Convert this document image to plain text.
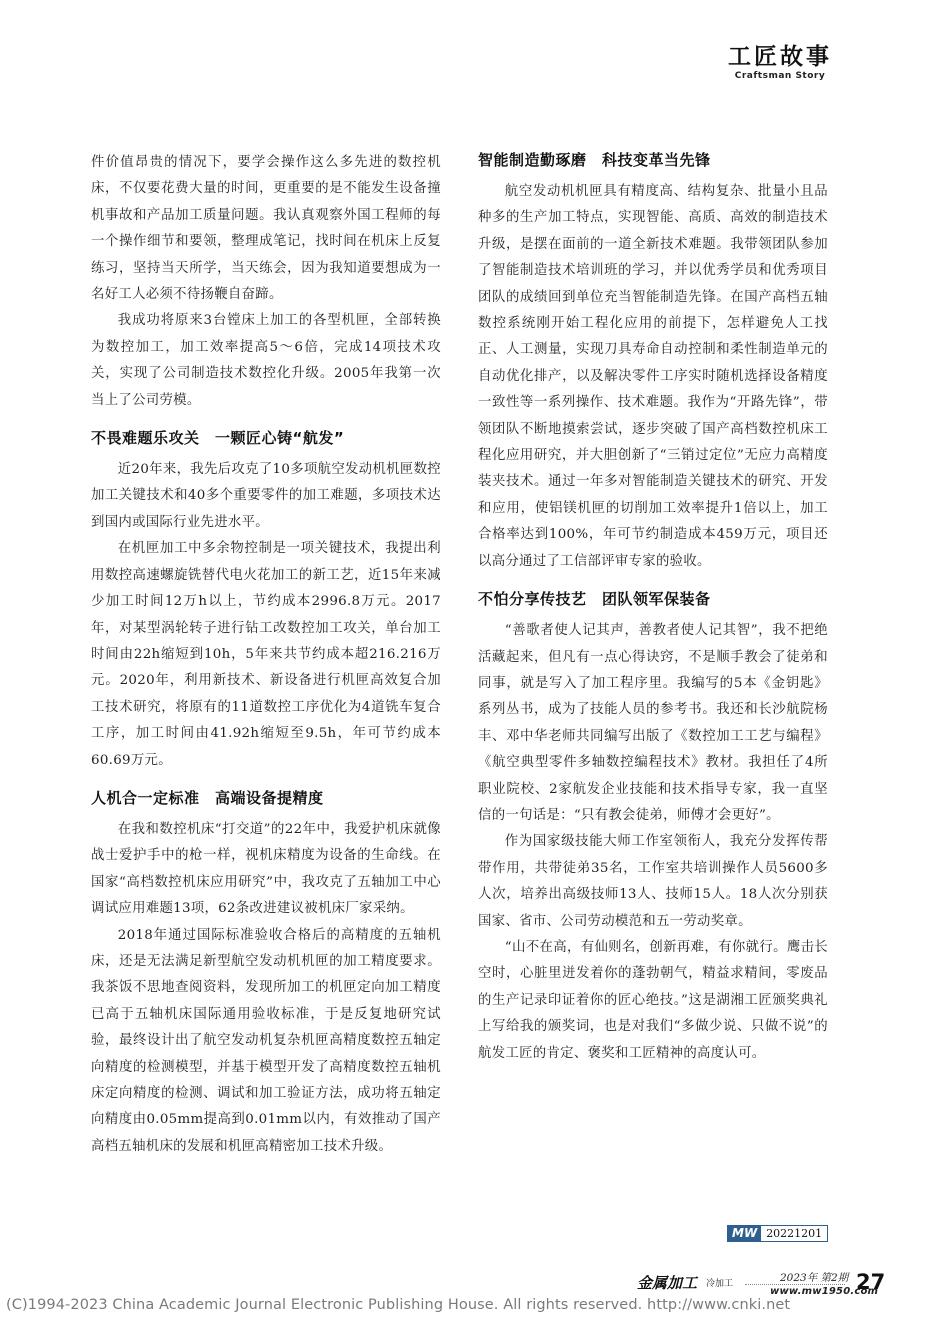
工匠故事
Craftsman Story

件价值昂贵的情况下，要学会操作这么多先进的数控机床，不仅要花费大量的时间，更重要的是不能发生设备撞机事故和产品加工质量问题。我认真观察外国工程师的每一个操作细节和要领，整理成笔记，找时间在机床上反复练习，坚持当天所学，当天练会，因为我知道要想成为一名好工人必须不待扬鞭自奋蹄。

我成功将原来3台镗床上加工的各型机匣，全部转换为数控加工，加工效率提高5～6倍，完成14项技术攻关，实现了公司制造技术数控化升级。2005年我第一次当上了公司劳模。

不畏难题乐攻关　一颗匠心铸“航发”

近20年来，我先后攻克了10多项航空发动机机匣数控加工关键技术和40多个重要零件的加工难题，多项技术达到国内或国际行业先进水平。

在机匣加工中多余物控制是一项关键技术，我提出利用数控高速螺旋铣替代电火花加工的新工艺，近15年来减少加工时间12万h以上，节约成本2996.8万元。2017年，对某型涡轮转子进行钻工改数控加工攻关，单台加工时间由22h缩短到10h，5年来共节约成本超216.216万元。2020年，利用新技术、新设备进行机匣高效复合加工技术研究，将原有的11道数控工序优化为4道铣车复合工序，加工时间由41.92h缩短至9.5h，年可节约成本60.69万元。

人机合一定标准　高端设备提精度

在我和数控机床“打交道”的22年中，我爱护机床就像战士爱护手中的枪一样，视机床精度为设备的生命线。在国家“高档数控机床应用研究”中，我攻克了五轴加工中心调试应用难题13项，62条改进建议被机床厂家采纳。

2018年通过国际标准验收合格后的高精度的五轴机床，还是无法满足新型航空发动机机匣的加工精度要求。我茶饭不思地查阅资料，发现所加工的机匣定向加工精度已高于五轴机床国际通用验收标准，于是反复地研究试验，最终设计出了航空发动机复杂机匣高精度数控五轴定向精度的检测模型，并基于模型开发了高精度数控五轴机床定向精度的检测、调试和加工验证方法，成功将五轴定向精度由0.05mm提高到0.01mm以内，有效推动了国产高档五轴机床的发展和机匣高精密加工技术升级。

智能制造勤琢磨　科技变革当先锋

航空发动机机匣具有精度高、结构复杂、批量小且品种多的生产加工特点，实现智能、高质、高效的制造技术升级，是摆在面前的一道全新技术难题。我带领团队参加了智能制造技术培训班的学习，并以优秀学员和优秀项目团队的成绩回到单位充当智能制造先锋。在国产高档五轴数控系统刚开始工程化应用的前提下，怎样避免人工找正、人工测量，实现刀具寿命自动控制和柔性制造单元的自动优化排产，以及解决零件工序实时随机选择设备精度一致性等一系列操作、技术难题。我作为“开路先锋”，带领团队不断地摸索尝试，逐步突破了国产高档数控机床工程化应用研究，并大胆创新了“三销过定位”无应力高精度装夹技术。通过一年多对智能制造关键技术的研究、开发和应用，使铝镁机匣的切削加工效率提升1倍以上，加工合格率达到100%，年可节约制造成本459万元，项目还以高分通过了工信部评审专家的验收。

不怕分享传技艺　团队领军保装备

“善歌者使人记其声，善教者使人记其智”，我不把绝活藏起来，但凡有一点心得诀窍，不是顺手教会了徒弟和同事，就是写入了加工程序里。我编写的5本《金钥匙》系列丛书，成为了技能人员的参考书。我还和长沙航院杨丰、邓中华老师共同编写出版了《数控加工工艺与编程》《航空典型零件多轴数控编程技术》教材。我担任了4所职业院校、2家航发企业技能和技术指导专家，我一直坚信的一句话是：“只有教会徒弟，师傅才会更好”。

作为国家级技能大师工作室领衔人，我充分发挥传帮带作用，共带徒弟35名，工作室共培训操作人员5600多人次，培养出高级技师13人、技师15人。18人次分别获国家、省市、公司劳动模范和五一劳动奖章。

“山不在高，有仙则名，创新再难，有你就行。鹰击长空时，心脏里迸发着你的蓬勃朝气，精益求精间，零废品的生产记录印证着你的匠心绝技。”这是湖湘工匠颁奖典礼上写给我的颁奖词，也是对我们“多做少说、只做不说”的航发工匠的肯定、褒奖和工匠精神的高度认可。

MW 20221201
金属加工 冷加工	2023年 第2期
www.mw1950.com
27
(C)1994-2023 China Academic Journal Electronic Publishing House. All rights reserved. http://www.cnki.net
